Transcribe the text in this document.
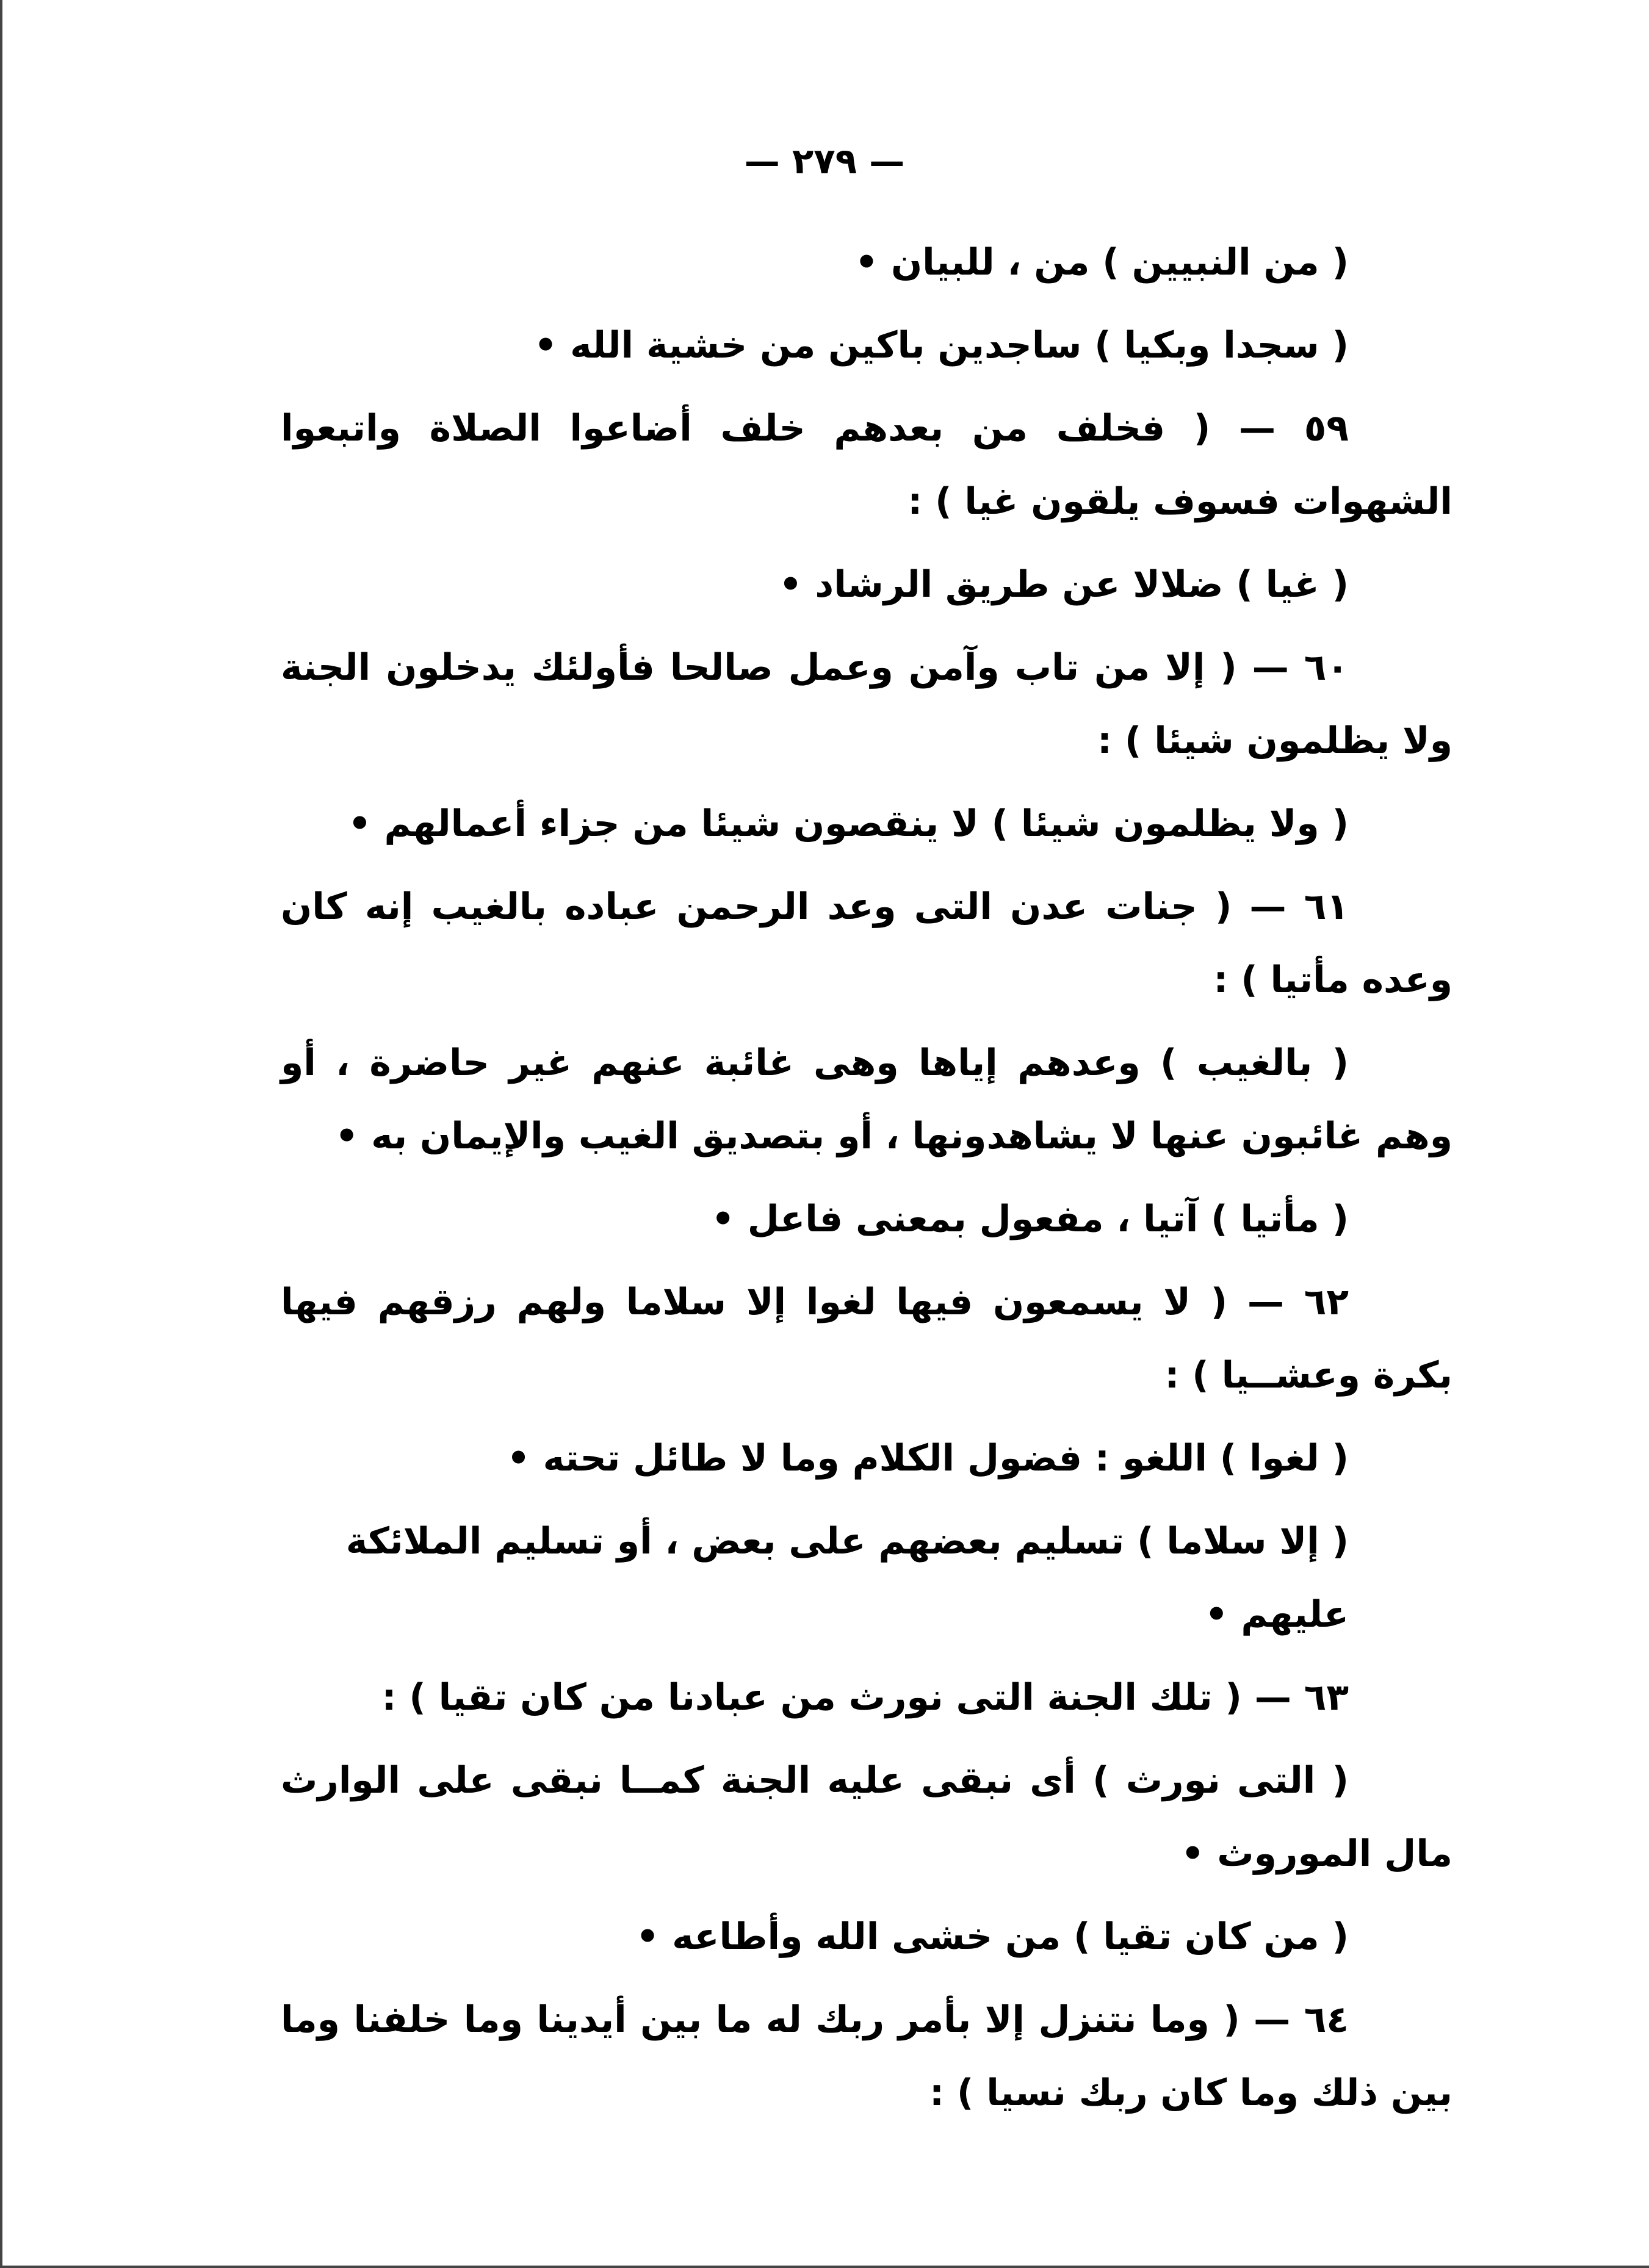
— ٢٧٩ —

( من النبيين ) من ، للبيان •

( سجدا وبكيا ) ساجدين باكين من خشية الله •

٥٩ — ( فخلف من بعدهم خلف أضاعوا الصلاة واتبعوا الشهوات فسوف يلقون غيا ) :

( غيا ) ضلالا عن طريق الرشاد •

٦٠ — ( إلا من تاب وآمن وعمل صالحا فأولئك يدخلون الجنة ولا يظلمون شيئا ) :

( ولا يظلمون شيئا ) لا ينقصون شيئا من جزاء أعمالهم •

٦١ — ( جنات عدن التى وعد الرحمن عباده بالغيب إنه كان وعده مأتيا ) :

( بالغيب ) وعدهم إياها وهى غائبة عنهم غير حاضرة ، أو وهم غائبون عنها لا يشاهدونها ، أو بتصديق الغيب والإيمان به •

( مأتيا ) آتيا ، مفعول بمعنى فاعل •

٦٢ — ( لا يسمعون فيها لغوا إلا سلاما ولهم رزقهم فيها بكرة وعشــيا ) :

( لغوا ) اللغو : فضول الكلام وما لا طائل تحته •

( إلا سلاما ) تسليم بعضهم على بعض ، أو تسليم الملائكة عليهم •

٦٣ — ( تلك الجنة التى نورث من عبادنا من كان تقيا ) :

( التى نورث ) أى نبقى عليه الجنة كمــا نبقى على الوارث مال الموروث •

( من كان تقيا ) من خشى الله وأطاعه •

٦٤ — ( وما نتنزل إلا بأمر ربك له ما بين أيدينا وما خلفنا وما بين ذلك وما كان ربك نسيا ) :
